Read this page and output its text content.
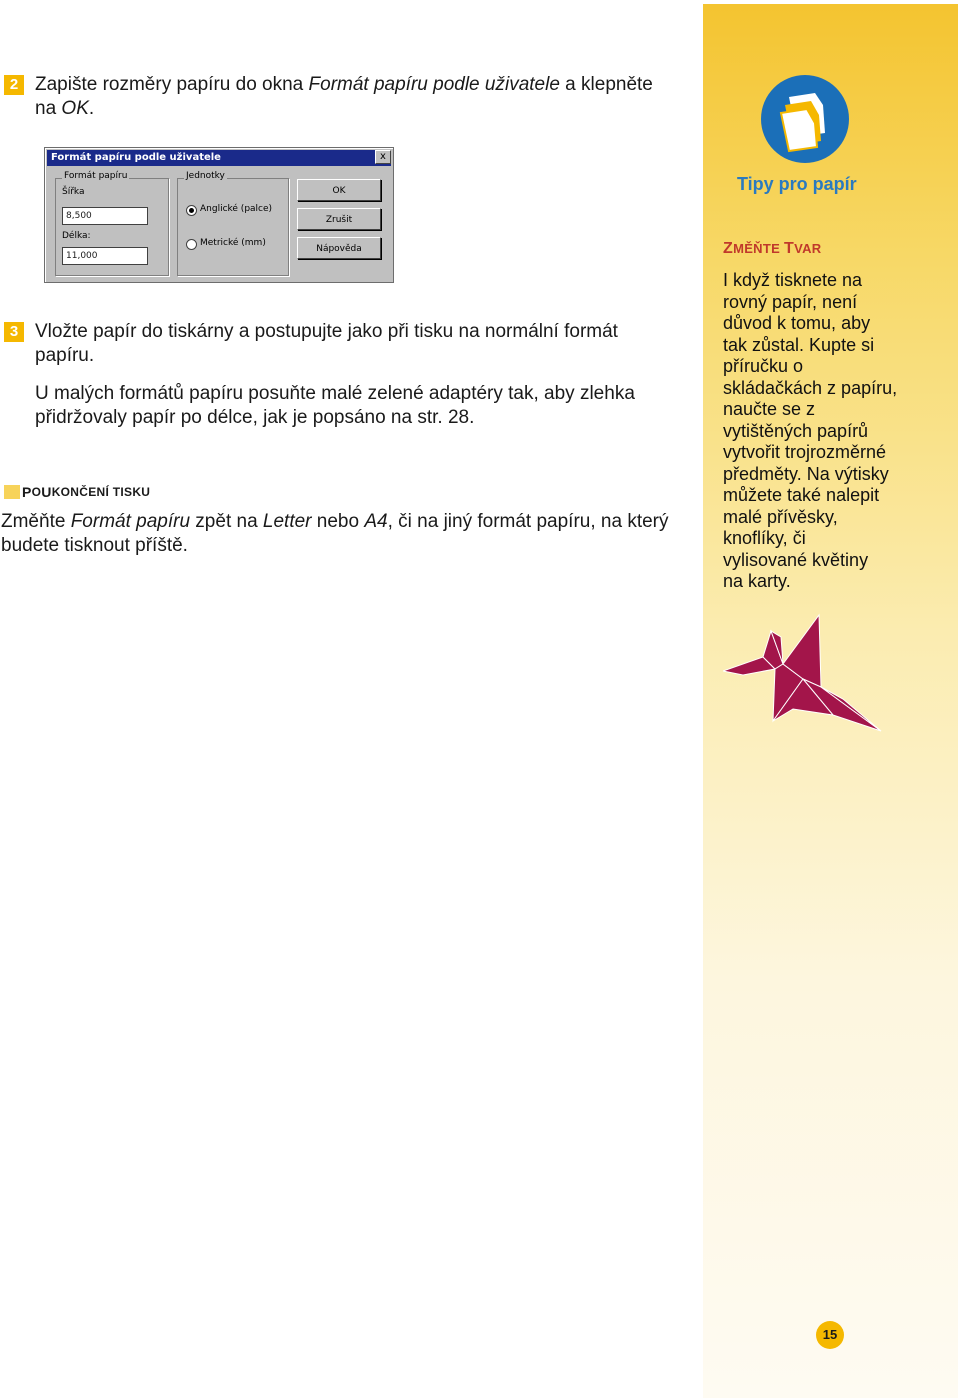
2 Zapište rozměry papíru do okna Formát papíru podle uživatele a klepněte na OK.
Formát papíru podle uživatele	x
Formát papíru
Šířka
8,500
Délka:
11,000
Jednotky
Anglické (palce)
Metrické (mm)
OK
Zrušit
Nápověda
3 Vložte papír do tiskárny a postupujte jako při tisku na normální formát papíru.
U malých formátů papíru posuňte malé zelené adaptéry tak, aby zlehka přidržovaly papír po délce, jak je popsáno na str. 28.
P O U KONČENÍ TISKU
Změňte Formát papíru zpět na Letter nebo A4, či na jiný formát papíru, na který budete tisknout příště.
Tipy pro papír
ZMĚŇTE TVAR
I když tisknete na
rovný papír, není
důvod k tomu, aby
tak zůstal. Kupte si
příručku o
skládačkách z papíru,
naučte se z
vytištěných papírů
vytvořit trojrozměrné
předměty. Na výtisky
můžete také nalepit
malé přívěsky,
knoflíky, či
vylisované květiny
na karty.
15
